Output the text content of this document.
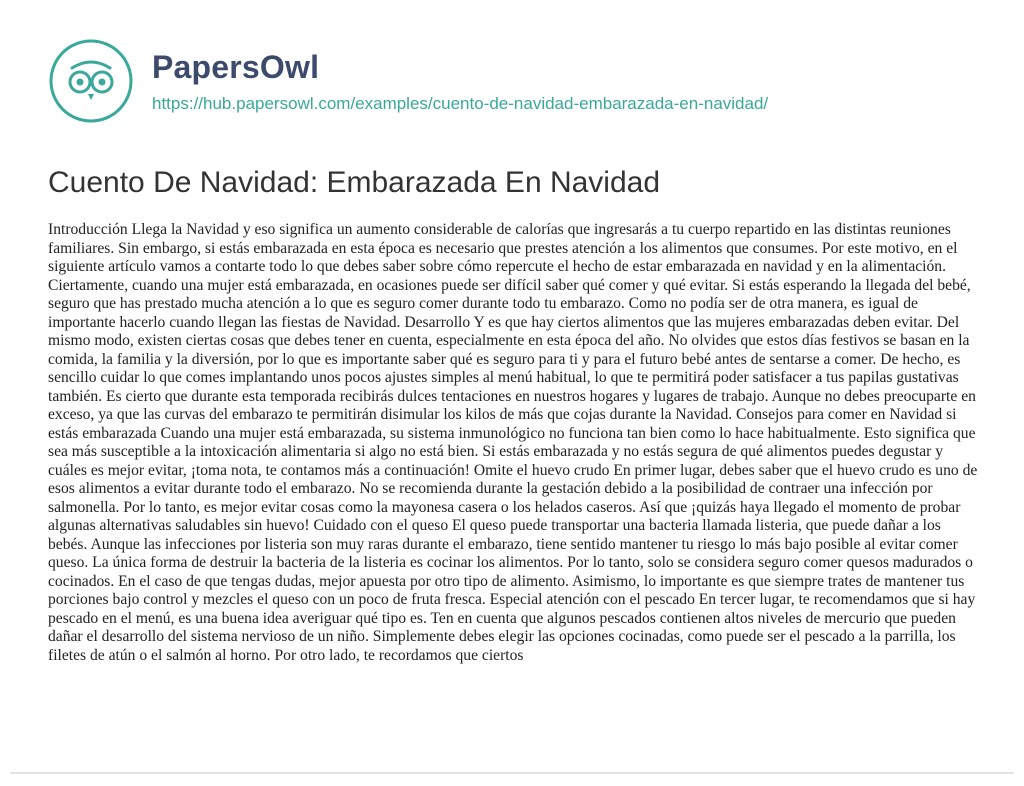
PapersOwl
https://hub.papersowl.com/examples/cuento-de-navidad-embarazada-en-navidad/
Cuento De Navidad: Embarazada En Navidad

Introducción Llega la Navidad y eso significa un aumento considerable de calorías que ingresarás a tu cuerpo repartido en las distintas reuniones familiares. Sin embargo, si estás embarazada en esta época es necesario que prestes atención a los alimentos que consumes. Por este motivo, en el siguiente artículo vamos a contarte todo lo que debes saber sobre cómo repercute el hecho de estar embarazada en navidad y en la alimentación. Ciertamente, cuando una mujer está embarazada, en ocasiones puede ser difícil saber qué comer y qué evitar. Si estás esperando la llegada del bebé, seguro que has prestado mucha atención a lo que es seguro comer durante todo tu embarazo. Como no podía ser de otra manera, es igual de importante hacerlo cuando llegan las fiestas de Navidad. Desarrollo Y es que hay ciertos alimentos que las mujeres embarazadas deben evitar. Del mismo modo, existen ciertas cosas que debes tener en cuenta, especialmente en esta época del año. No olvides que estos días festivos se basan en la comida, la familia y la diversión, por lo que es importante saber qué es seguro para ti y para el futuro bebé antes de sentarse a comer. De hecho, es sencillo cuidar lo que comes implantando unos pocos ajustes simples al menú habitual, lo que te permitirá poder satisfacer a tus papilas gustativas también. Es cierto que durante esta temporada recibirás dulces tentaciones en nuestros hogares y lugares de trabajo. Aunque no debes preocuparte en exceso, ya que las curvas del embarazo te permitirán disimular los kilos de más que cojas durante la Navidad. Consejos para comer en Navidad si estás embarazada Cuando una mujer está embarazada, su sistema inmunológico no funciona tan bien como lo hace habitualmente. Esto significa que sea más susceptible a la intoxicación alimentaria si algo no está bien. Si estás embarazada y no estás segura de qué alimentos puedes degustar y cuáles es mejor evitar, ¡toma nota, te contamos más a continuación! Omite el huevo crudo En primer lugar, debes saber que el huevo crudo es uno de esos alimentos a evitar durante todo el embarazo. No se recomienda durante la gestación debido a la posibilidad de contraer una infección por salmonella. Por lo tanto, es mejor evitar cosas como la mayonesa casera o los helados caseros. Así que ¡quizás haya llegado el momento de probar algunas alternativas saludables sin huevo! Cuidado con el queso El queso puede transportar una bacteria llamada listeria, que puede dañar a los bebés. Aunque las infecciones por listeria son muy raras durante el embarazo, tiene sentido mantener tu riesgo lo más bajo posible al evitar comer queso. La única forma de destruir la bacteria de la listeria es cocinar los alimentos. Por lo tanto, solo se considera seguro comer quesos madurados o cocinados. En el caso de que tengas dudas, mejor apuesta por otro tipo de alimento. Asimismo, lo importante es que siempre trates de mantener tus porciones bajo control y mezcles el queso con un poco de fruta fresca. Especial atención con el pescado En tercer lugar, te recomendamos que si hay pescado en el menú, es una buena idea averiguar qué tipo es. Ten en cuenta que algunos pescados contienen altos niveles de mercurio que pueden dañar el desarrollo del sistema nervioso de un niño. Simplemente debes elegir las opciones cocinadas, como puede ser el pescado a la parrilla, los filetes de atún o el salmón al horno. Por otro lado, te recordamos que ciertos
